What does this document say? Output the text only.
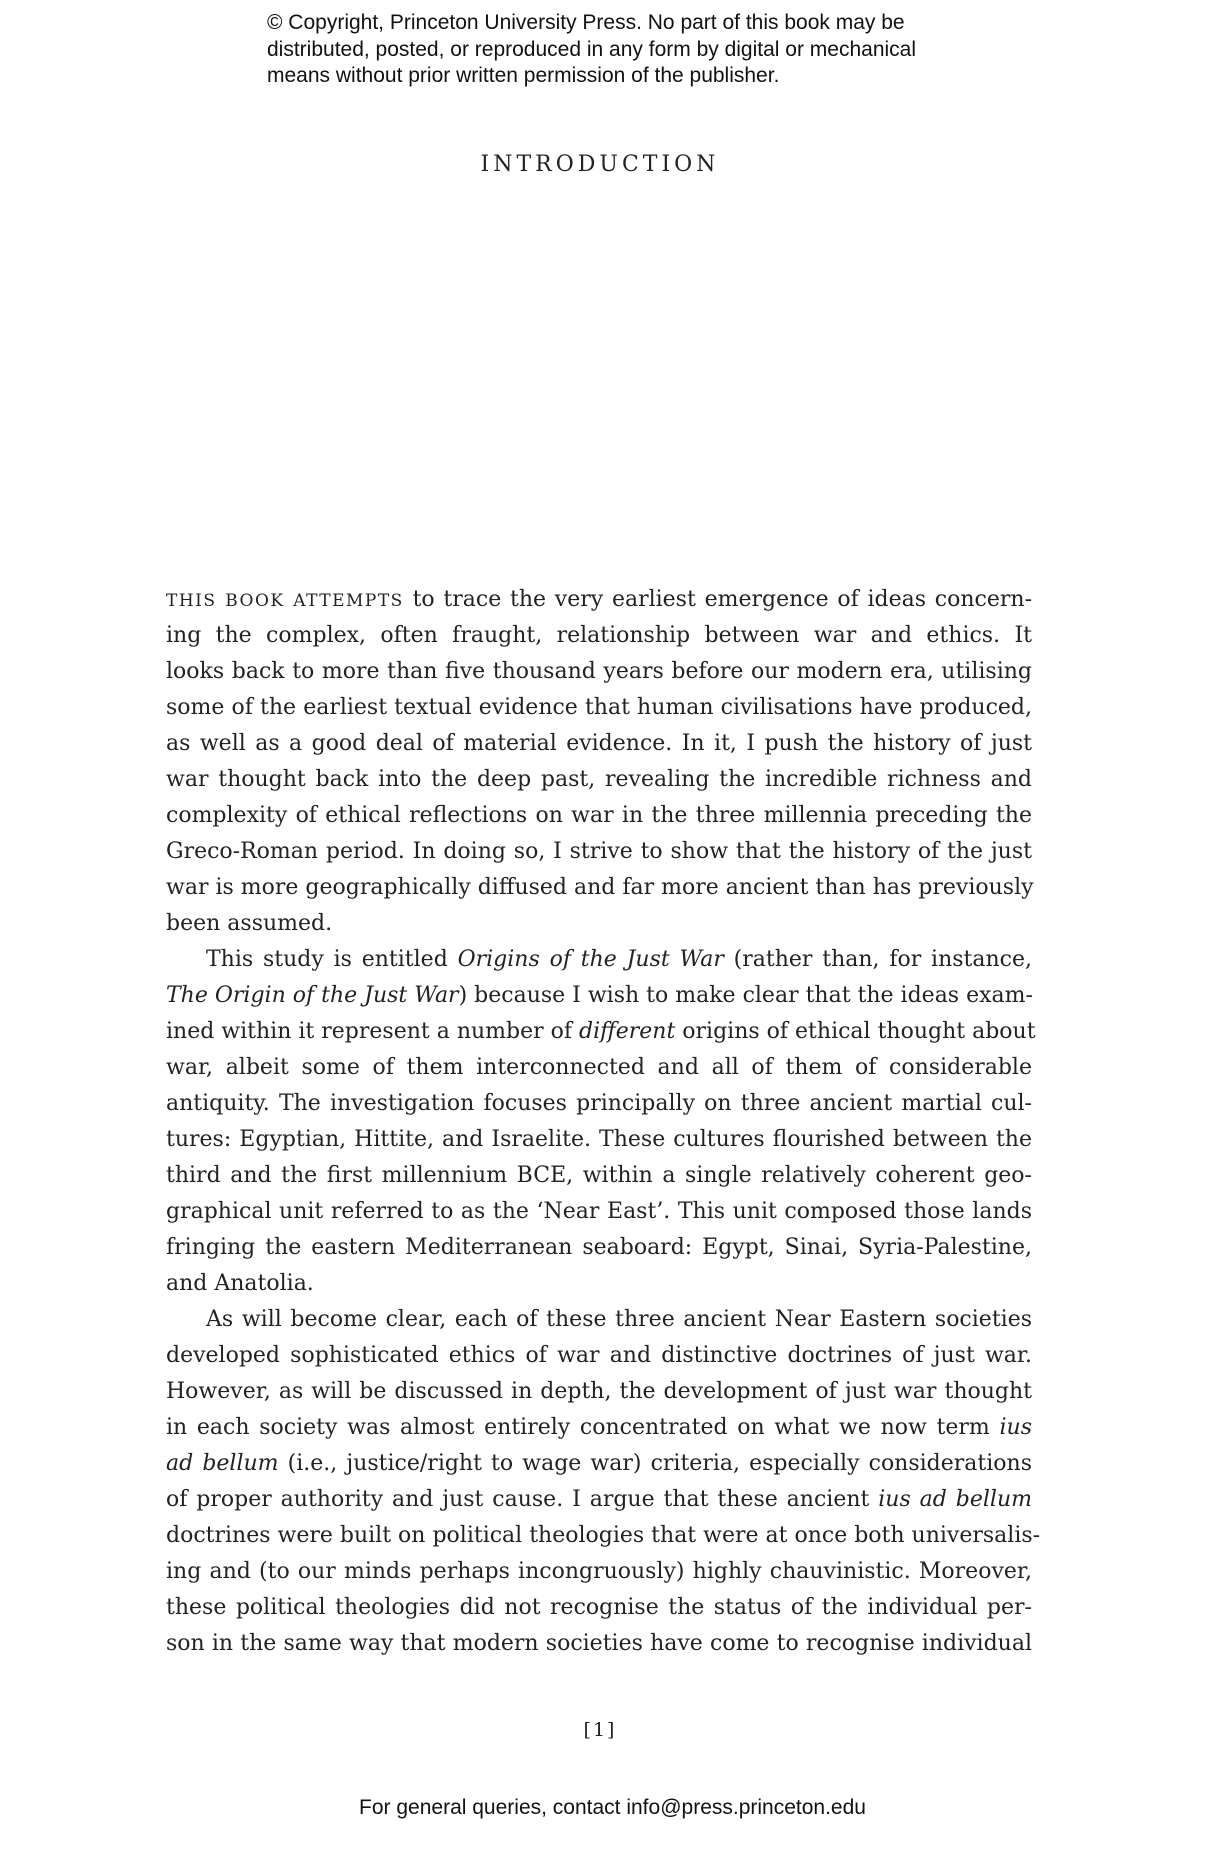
© Copyright, Princeton University Press. No part of this book may be
distributed, posted, or reproduced in any form by digital or mechanical
means without prior written permission of the publisher.
INTRODUCTION
THIS BOOK ATTEMPTS to trace the very earliest emergence of ideas concern-
ing the complex, often fraught, relationship between war and ethics. It
looks back to more than five thousand years before our modern era, utilising
some of the earliest textual evidence that human civilisations have produced,
as well as a good deal of material evidence. In it, I push the history of just
war thought back into the deep past, revealing the incredible richness and
complexity of ethical reflections on war in the three millennia preceding the
Greco-Roman period. In doing so, I strive to show that the history of the just
war is more geographically diffused and far more ancient than has previously
been assumed.
This study is entitled Origins of the Just War (rather than, for instance,
The Origin of the Just War) because I wish to make clear that the ideas exam-
ined within it represent a number of different origins of ethical thought about
war, albeit some of them interconnected and all of them of considerable
antiquity. The investigation focuses principally on three ancient martial cul-
tures: Egyptian, Hittite, and Israelite. These cultures flourished between the
third and the first millennium BCE, within a single relatively coherent geo-
graphical unit referred to as the ‘Near East’. This unit composed those lands
fringing the eastern Mediterranean seaboard: Egypt, Sinai, Syria-Palestine,
and Anatolia.
As will become clear, each of these three ancient Near Eastern societies
developed sophisticated ethics of war and distinctive doctrines of just war.
However, as will be discussed in depth, the development of just war thought
in each society was almost entirely concentrated on what we now term ius
ad bellum (i.e., justice/right to wage war) criteria, especially considerations
of proper authority and just cause. I argue that these ancient ius ad bellum
doctrines were built on political theologies that were at once both universalis-
ing and (to our minds perhaps incongruously) highly chauvinistic. Moreover,
these political theologies did not recognise the status of the individual per-
son in the same way that modern societies have come to recognise individual
[1]
For general queries, contact info@press.princeton.edu
